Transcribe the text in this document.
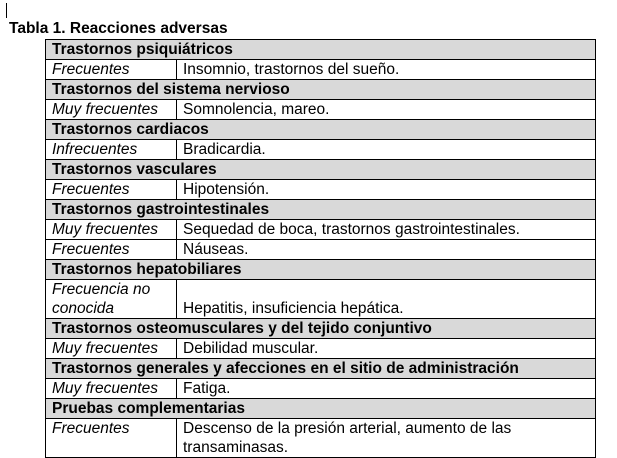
Tabla 1. Reacciones adversas
Trastornos psiquiátricos	
Frecuentes	Insomnio, trastornos del sueño.
Trastornos del sistema nervioso	
Muy frecuentes	Somnolencia, mareo.
Trastornos cardiacos	
Infrecuentes	Bradicardia.
Trastornos vasculares	
Frecuentes	Hipotensión.
Trastornos gastrointestinales	
Muy frecuentes	Sequedad de boca, trastornos gastrointestinales.
Frecuentes	Náuseas.
Trastornos hepatobiliares	
Frecuencia no conocida	Hepatitis, insuficiencia hepática.
Trastornos osteomusculares y del tejido conjuntivo	
Muy frecuentes	Debilidad muscular.
Trastornos generales y afecciones en el sitio de administración	
Muy frecuentes	Fatiga.
Pruebas complementarias	
Frecuentes	Descenso de la presión arterial, aumento de las transaminasas.
